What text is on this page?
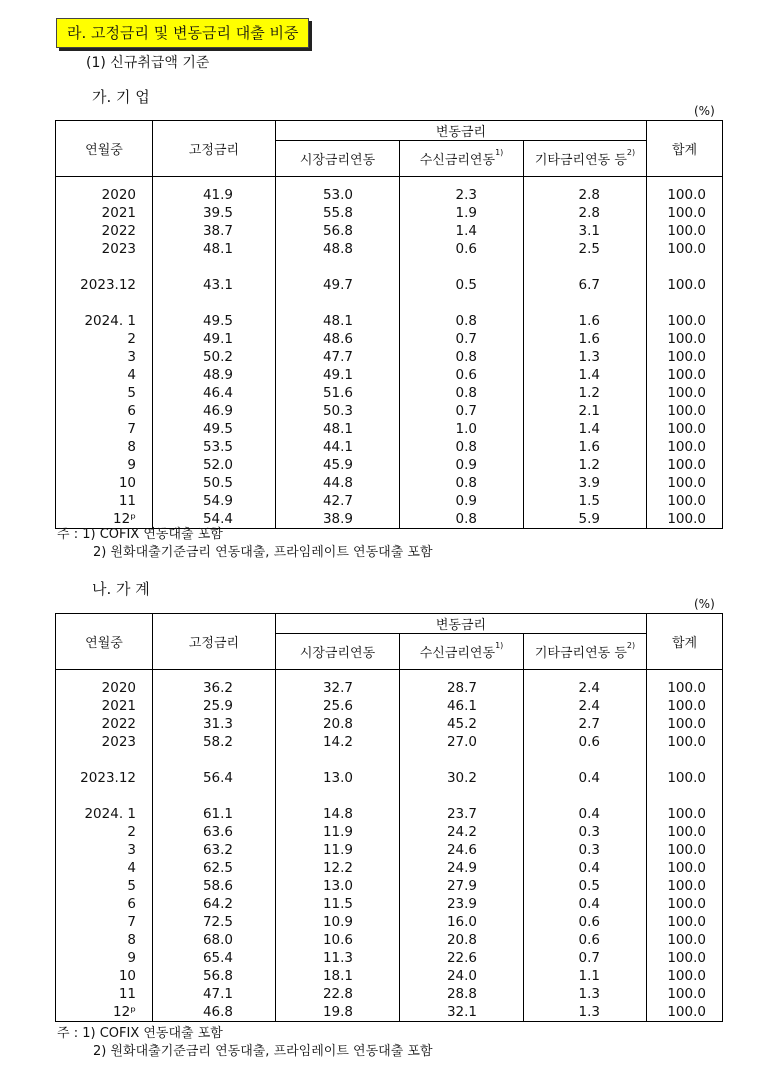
라. 고정금리 및 변동금리 대출 비중
(1) 신규취급액 기준
가. 기 업
(%)
연월중	고정금리	변동금리			합계
		시장금리연동	수신금리연동$^{1)}$	기타금리연동 등$^{2)}$

2020	41.9	53.0	2.3	2.8	100.0
2021	39.5	55.8	1.9	2.8	100.0
2022	38.7	56.8	1.4	3.1	100.0
2023	48.1	48.8	0.6	2.5	100.0

2023.12	43.1	49.7	0.5	6.7	100.0

2024. 1	49.5	48.1	0.8	1.6	100.0
2	49.1	48.6	0.7	1.6	100.0
3	50.2	47.7	0.8	1.3	100.0
4	48.9	49.1	0.6	1.4	100.0
5	46.4	51.6	0.8	1.2	100.0
6	46.9	50.3	0.7	2.1	100.0
7	49.5	48.1	1.0	1.4	100.0
8	53.5	44.1	0.8	1.6	100.0
9	52.0	45.9	0.9	1.2	100.0
10	50.5	44.8	0.8	3.9	100.0
11	54.9	42.7	0.9	1.5	100.0
12ᵖ	54.4	38.9	0.8	5.9	100.0
주 : 1) COFIX 연동대출 포함
2) 원화대출기준금리 연동대출, 프라임레이트 연동대출 포함
나. 가 계
(%)
연월중	고정금리	변동금리			합계
		시장금리연동	수신금리연동$^{1)}$	기타금리연동 등$^{2)}$

2020	36.2	32.7	28.7	2.4	100.0
2021	25.9	25.6	46.1	2.4	100.0
2022	31.3	20.8	45.2	2.7	100.0
2023	58.2	14.2	27.0	0.6	100.0

2023.12	56.4	13.0	30.2	0.4	100.0

2024. 1	61.1	14.8	23.7	0.4	100.0
2	63.6	11.9	24.2	0.3	100.0
3	63.2	11.9	24.6	0.3	100.0
4	62.5	12.2	24.9	0.4	100.0
5	58.6	13.0	27.9	0.5	100.0
6	64.2	11.5	23.9	0.4	100.0
7	72.5	10.9	16.0	0.6	100.0
8	68.0	10.6	20.8	0.6	100.0
9	65.4	11.3	22.6	0.7	100.0
10	56.8	18.1	24.0	1.1	100.0
11	47.1	22.8	28.8	1.3	100.0
12ᵖ	46.8	19.8	32.1	1.3	100.0
주 : 1) COFIX 연동대출 포함
2) 원화대출기준금리 연동대출, 프라임레이트 연동대출 포함
